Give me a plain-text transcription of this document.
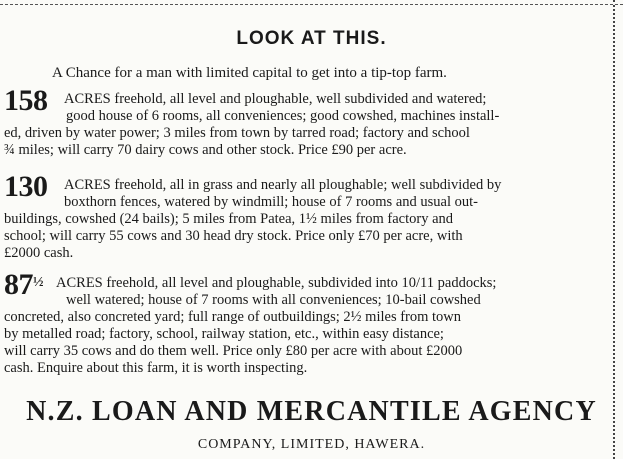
LOOK AT THIS.
A Chance for a man with limited capital to get into a tip-top farm.
158 ACRES freehold, all level and ploughable, well subdivided and watered;
good house of 6 rooms, all conveniences; good cowshed, machines install-
ed, driven by water power; 3 miles from town by tarred road; factory and school
¾ miles; will carry 70 dairy cows and other stock. Price £90 per acre.
130 ACRES freehold, all in grass and nearly all ploughable; well subdivided by
boxthorn fences, watered by windmill; house of 7 rooms and usual out-
buildings, cowshed (24 bails); 5 miles from Patea, 1½ miles from factory and
school; will carry 55 cows and 30 head dry stock. Price only £70 per acre, with
£2000 cash.
$87^{\frac{1}{2}}$ ACRES freehold, all level and ploughable, subdivided into 10/11 paddocks;
well watered; house of 7 rooms with all conveniences; 10-bail cowshed
concreted, also concreted yard; full range of outbuildings; 2½ miles from town
by metalled road; factory, school, railway station, etc., within easy distance;
will carry 35 cows and do them well. Price only £80 per acre with about £2000
cash. Enquire about this farm, it is worth inspecting.
N.Z. LOAN AND MERCANTILE AGENCY
COMPANY, LIMITED, HAWERA.
